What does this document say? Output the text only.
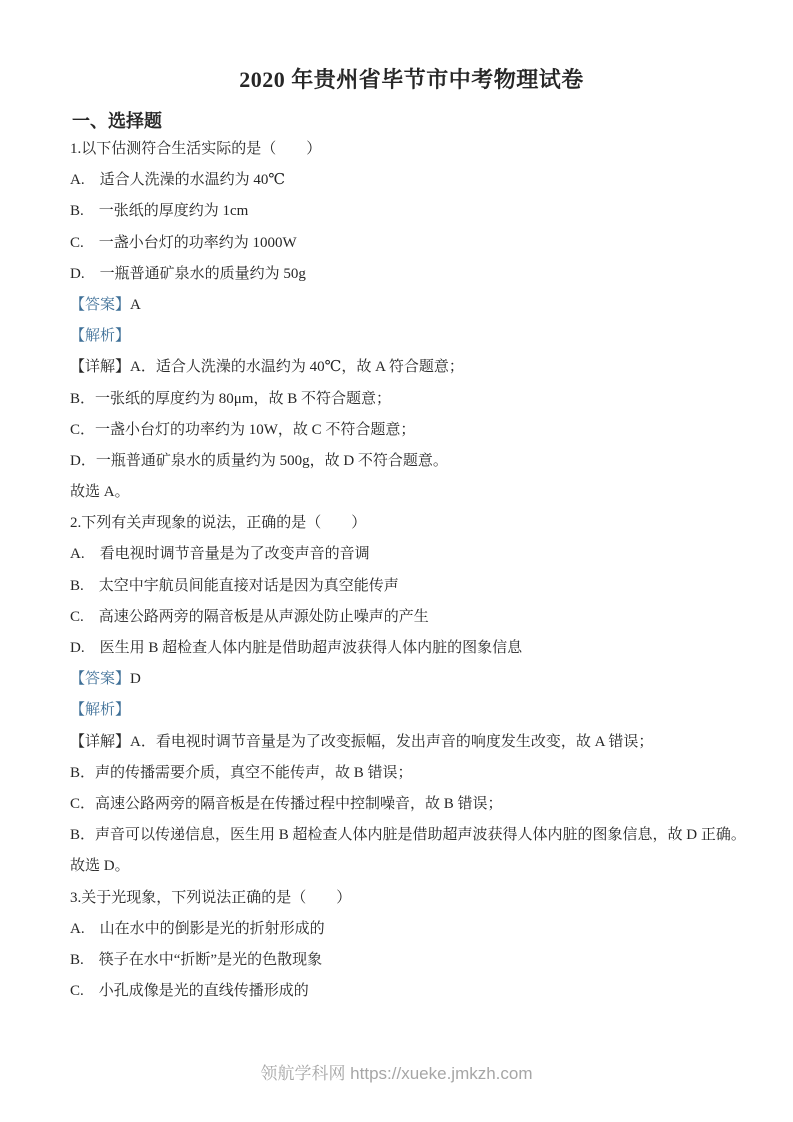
2020 年贵州省毕节市中考物理试卷
一、选择题

1.以下估测符合生活实际的是（　　）

A.　适合人洗澡的水温约为 40℃

B.　一张纸的厚度约为 1cm

C.　一盏小台灯的功率约为 1000W

D.　一瓶普通矿泉水的质量约为 50g

【答案】A

【解析】

【详解】A．适合人洗澡的水温约为 40℃，故 A 符合题意；

B．一张纸的厚度约为 80μm，故 B 不符合题意；

C．一盏小台灯的功率约为 10W，故 C 不符合题意；

D．一瓶普通矿泉水的质量约为 500g，故 D 不符合题意。

故选 A。

2.下列有关声现象的说法，正确的是（　　）

A.　看电视时调节音量是为了改变声音的音调

B.　太空中宇航员间能直接对话是因为真空能传声

C.　高速公路两旁的隔音板是从声源处防止噪声的产生

D.　医生用 B 超检查人体内脏是借助超声波获得人体内脏的图象信息

【答案】D

【解析】

【详解】A．看电视时调节音量是为了改变振幅，发出声音的响度发生改变，故 A 错误；

B．声的传播需要介质，真空不能传声，故 B 错误；

C．高速公路两旁的隔音板是在传播过程中控制噪音，故 B 错误；

B．声音可以传递信息，医生用 B 超检查人体内脏是借助超声波获得人体内脏的图象信息，故 D 正确。

故选 D。

3.关于光现象，下列说法正确的是（　　）

A.　山在水中的倒影是光的折射形成的

B.　筷子在水中“折断”是光的色散现象

C.　小孔成像是光的直线传播形成的

领航学科网 https://xueke.jmkzh.com
